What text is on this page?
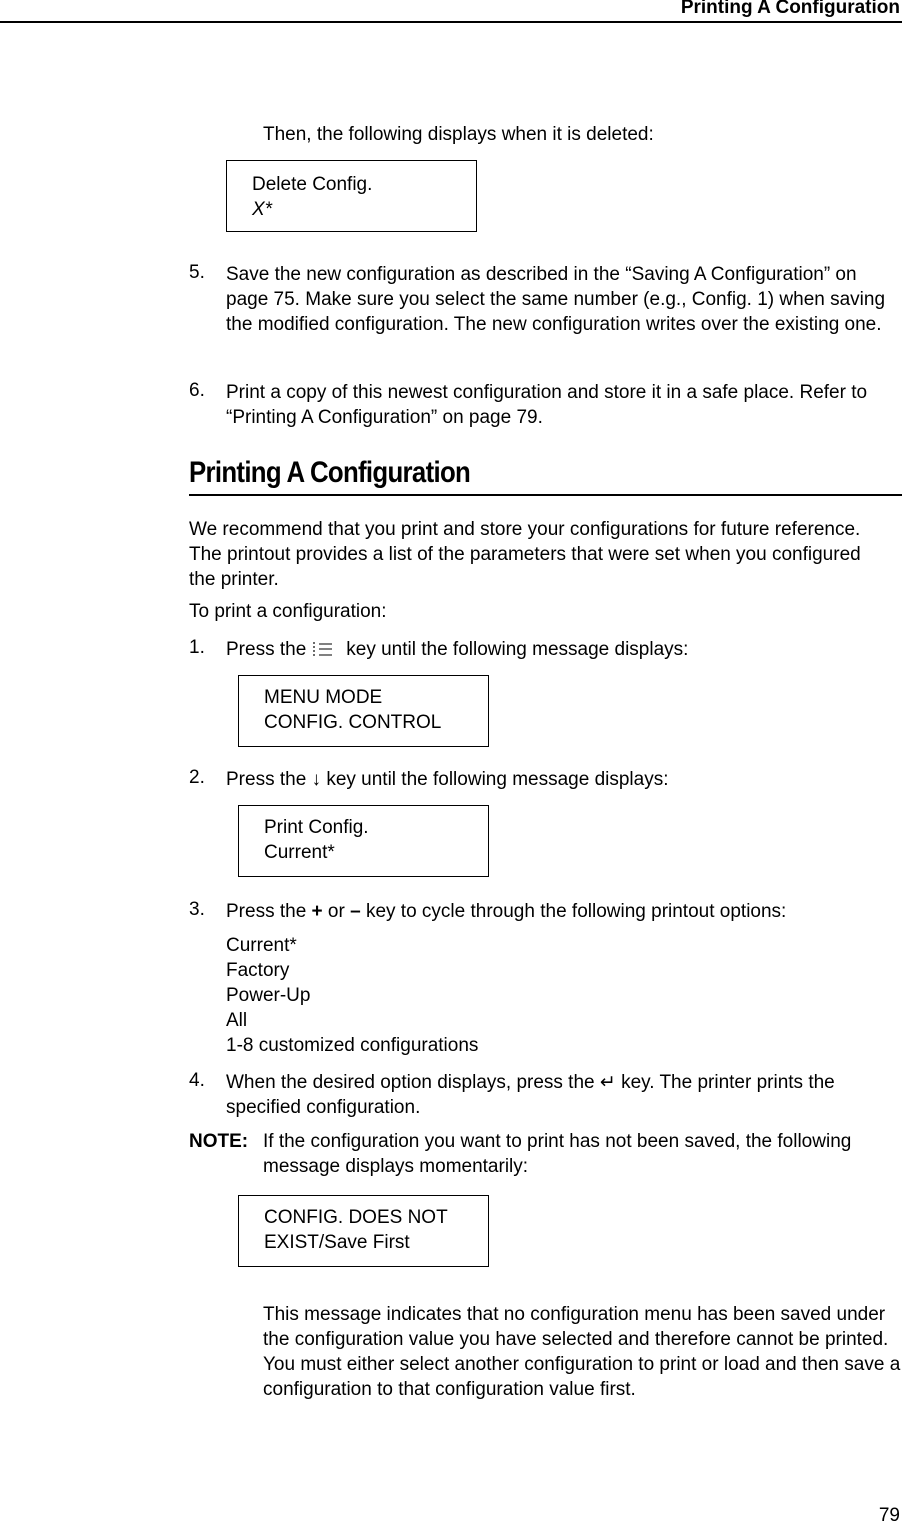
Printing A Configuration
Then, the following displays when it is deleted:
Delete Config.
X*
5. Save the new configuration as described in the “Saving A Configuration” on page 75. Make sure you select the same number (e.g., Config. 1) when saving the modified configuration. The new configuration writes over the existing one.
6. Print a copy of this newest configuration and store it in a safe place. Refer to “Printing A Configuration” on page 79.
Printing A Configuration
We recommend that you print and store your configurations for future reference. The printout provides a list of the parameters that were set when you configured the printer.
To print a configuration:
1. Press the key until the following message displays:
MENU MODE
CONFIG. CONTROL
2. Press the ↓ key until the following message displays:
Print Config.
Current*
3. Press the + or – key to cycle through the following printout options:
Current*
Factory
Power-Up
All
1-8 customized configurations
4. When the desired option displays, press the ↵ key. The printer prints the specified configuration.
NOTE: If the configuration you want to print has not been saved, the following message displays momentarily:
CONFIG. DOES NOT
EXIST/Save First
This message indicates that no configuration menu has been saved under the configuration value you have selected and therefore cannot be printed. You must either select another configuration to print or load and then save a configuration to that configuration value first.
79
